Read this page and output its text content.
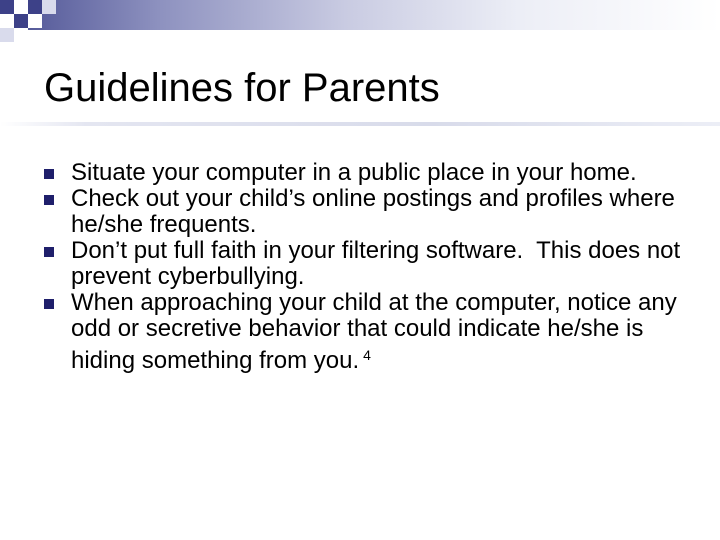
Guidelines for Parents
Situate your computer in a public place in your home.
Check out your child’s online postings and profiles where he/she frequents.
Don’t put full faith in your filtering software.  This does not prevent cyberbullying.
When approaching your child at the computer, notice any odd or secretive behavior that could indicate he/she is hiding something from you. $^4$
